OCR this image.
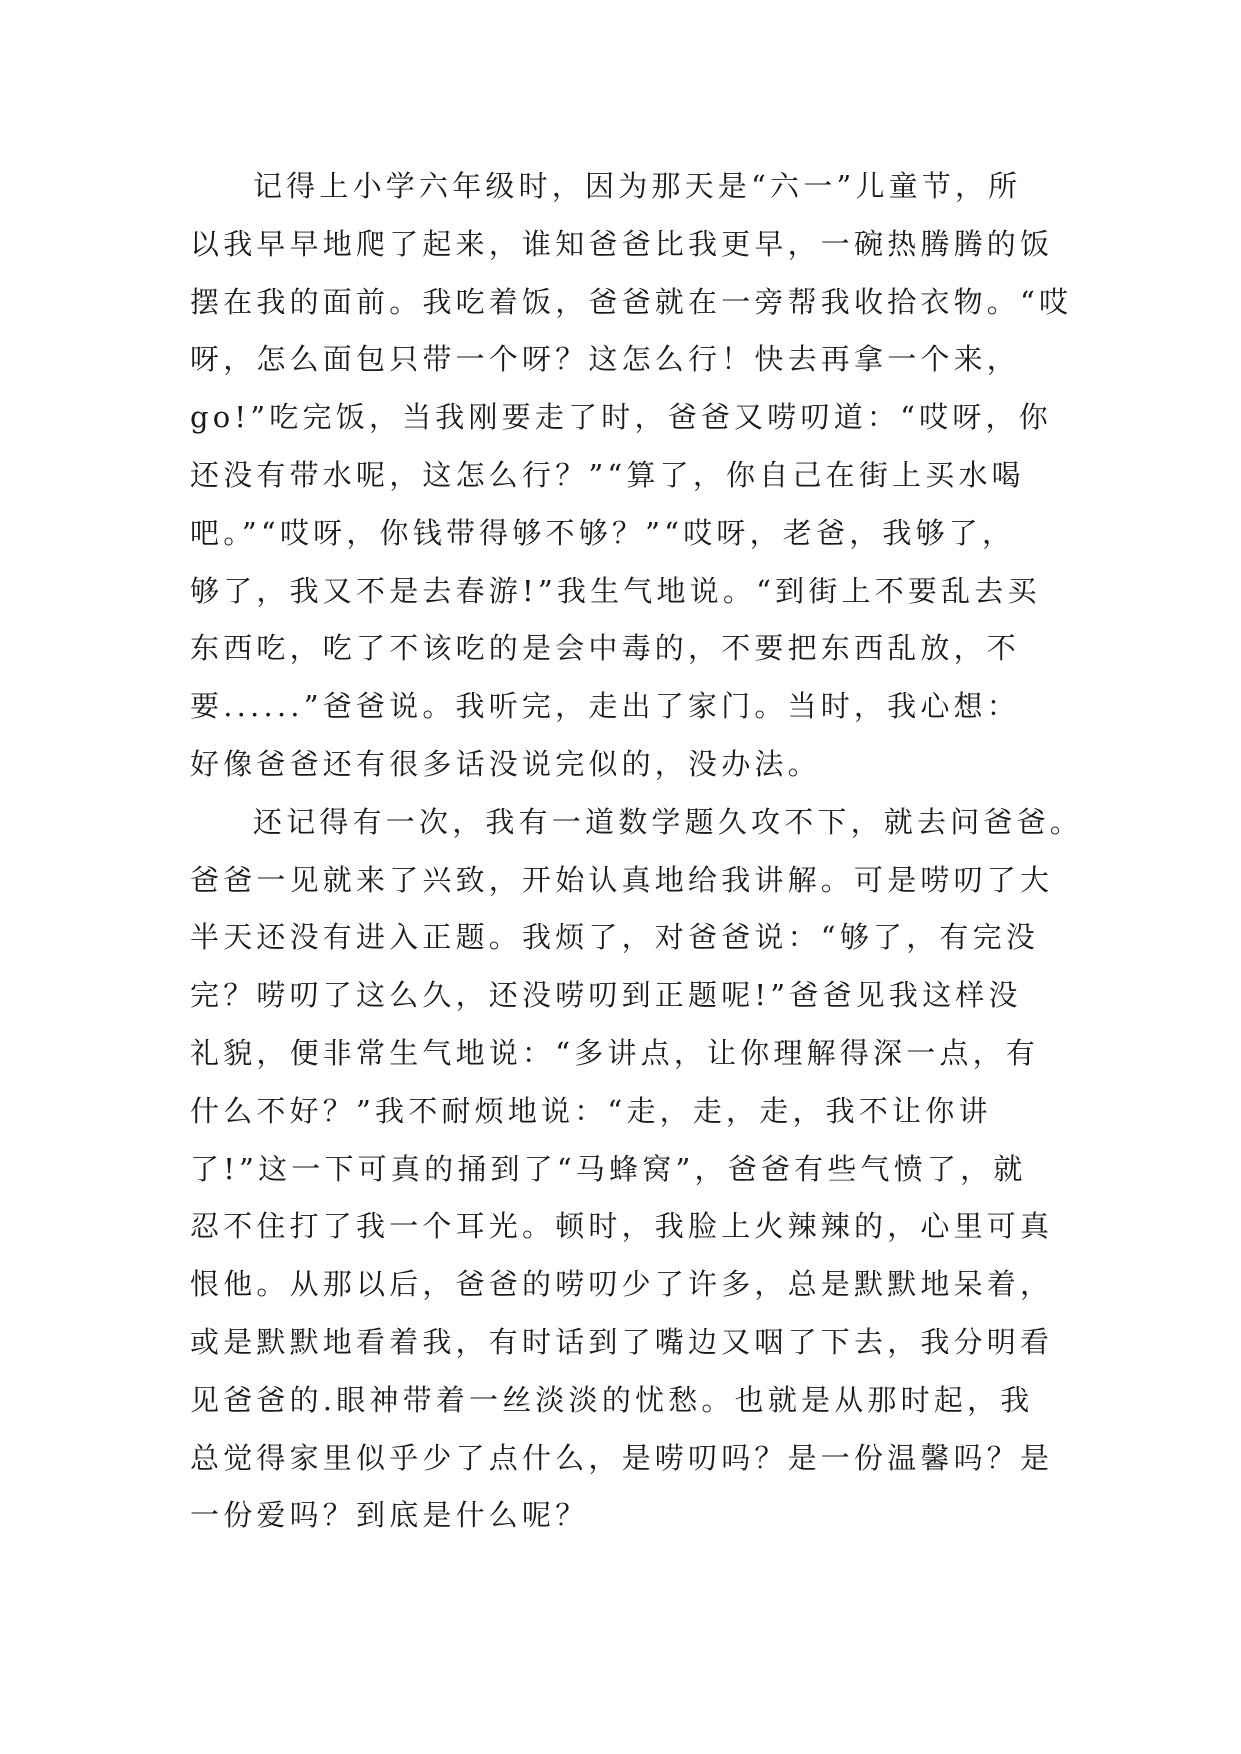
记得上小学六年级时，因为那天是“六一”儿童节，所
以我早早地爬了起来，谁知爸爸比我更早，一碗热腾腾的饭
摆在我的面前。我吃着饭，爸爸就在一旁帮我收拾衣物。“哎
呀，怎么面包只带一个呀？这怎么行！快去再拿一个来，
go!”吃完饭，当我刚要走了时，爸爸又唠叨道：“哎呀，你
还没有带水呢，这怎么行？”“算了，你自己在街上买水喝
吧。”“哎呀，你钱带得够不够？”“哎呀，老爸，我够了，
够了，我又不是去春游!”我生气地说。“到街上不要乱去买
东西吃，吃了不该吃的是会中毒的，不要把东西乱放，不
要......”爸爸说。我听完，走出了家门。当时，我心想：
好像爸爸还有很多话没说完似的，没办法。
还记得有一次，我有一道数学题久攻不下，就去问爸爸。
爸爸一见就来了兴致，开始认真地给我讲解。可是唠叨了大
半天还没有进入正题。我烦了，对爸爸说：“够了，有完没
完？唠叨了这么久，还没唠叨到正题呢!”爸爸见我这样没
礼貌，便非常生气地说：“多讲点，让你理解得深一点，有
什么不好？”我不耐烦地说：“走，走，走，我不让你讲
了!”这一下可真的捅到了“马蜂窝”，爸爸有些气愤了，就
忍不住打了我一个耳光。顿时，我脸上火辣辣的，心里可真
恨他。从那以后，爸爸的唠叨少了许多，总是默默地呆着，
或是默默地看着我，有时话到了嘴边又咽了下去，我分明看
见爸爸的.眼神带着一丝淡淡的忧愁。也就是从那时起，我
总觉得家里似乎少了点什么，是唠叨吗？是一份温馨吗？是
一份爱吗？到底是什么呢？
